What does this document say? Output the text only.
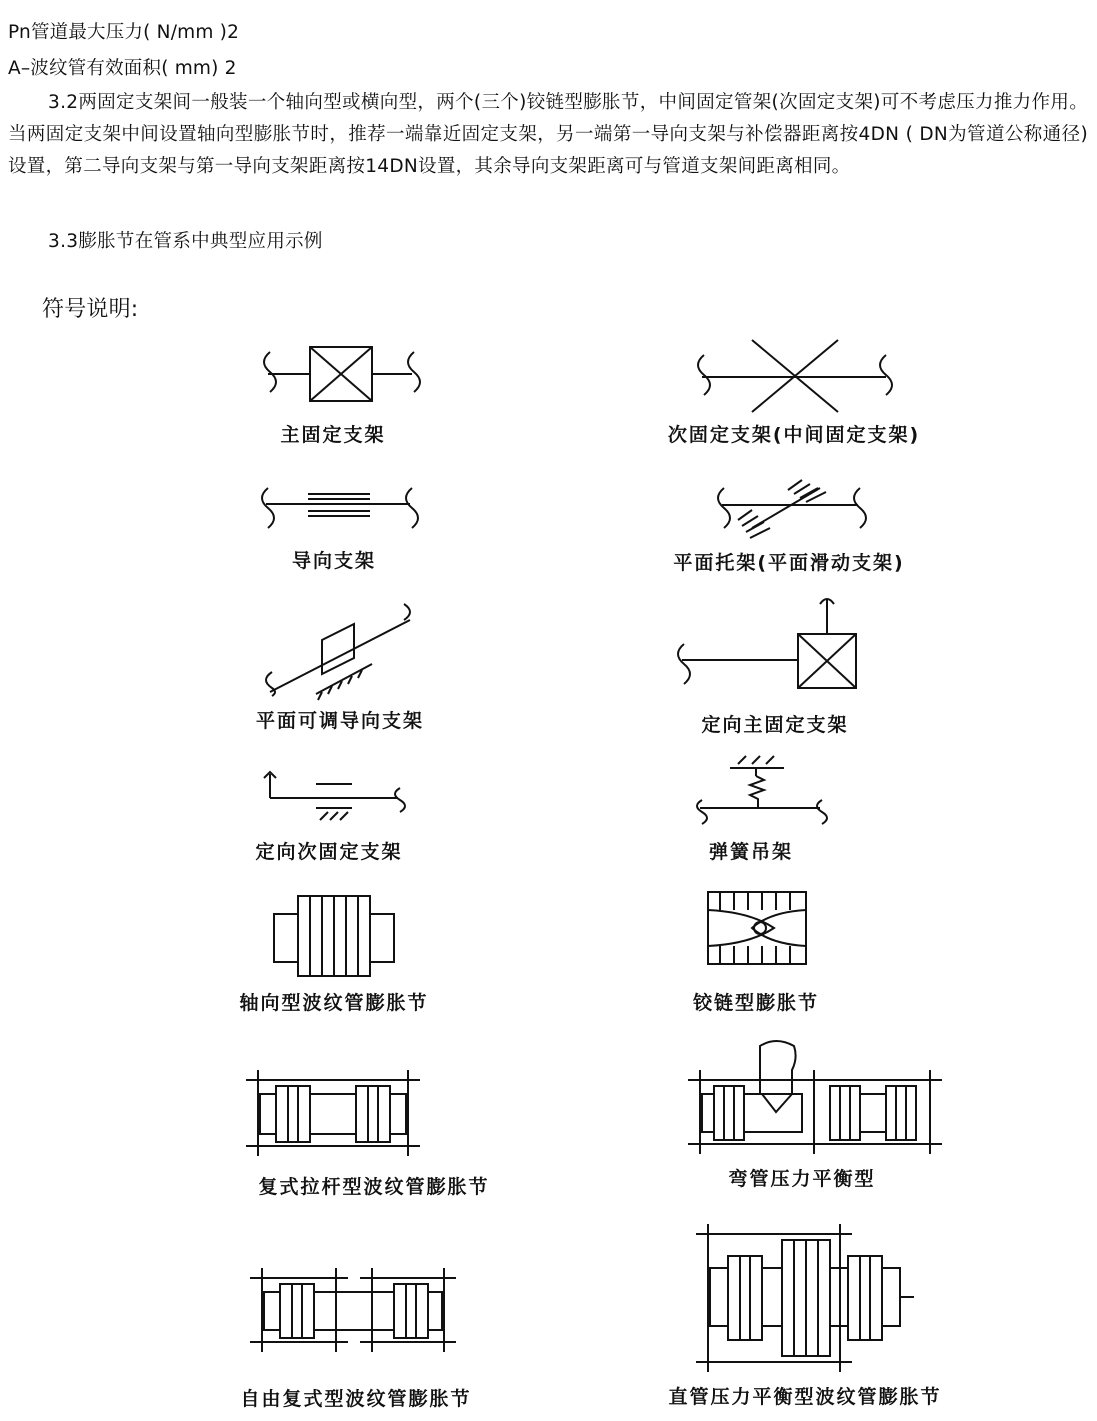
Pn管道最大压力( N/mm )2
A–波纹管有效面积( mm) 2

3.2两固定支架间一般装一个轴向型或横向型，两个(三个)铰链型膨胀节，中间固定管架(次固定支架)可不考虑压力推力作用。当两固定支架中间设置轴向型膨胀节时，推荐一端靠近固定支架，另一端第一导向支架与补偿器距离按4DN ( DN为管道公称通径)设置，第二导向支架与第一导向支架距离按14DN设置，其余导向支架距离可与管道支架间距离相同。

3.3膨胀节在管系中典型应用示例

符号说明:
主固定支架	次固定支架(中间固定支架)
导向支架	平面托架(平面滑动支架)
平面可调导向支架	定向主固定支架
定向次固定支架	弹簧吊架
轴向型波纹管膨胀节	铰链型膨胀节
复式拉杆型波纹管膨胀节	弯管压力平衡型
自由复式型波纹管膨胀节	直管压力平衡型波纹管膨胀节
